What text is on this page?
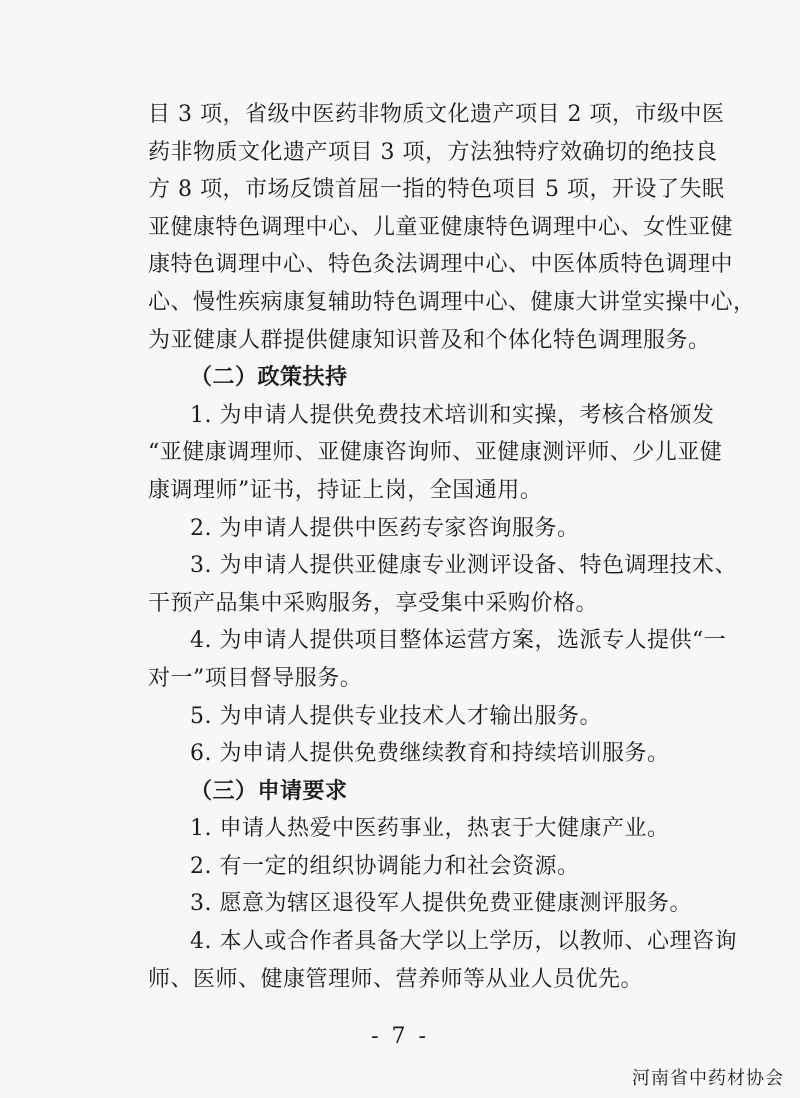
目 3 项，省级中医药非物质文化遗产项目 2 项，市级中医
药非物质文化遗产项目 3 项，方法独特疗效确切的绝技良
方 8 项，市场反馈首屈一指的特色项目 5 项，开设了失眠
亚健康特色调理中心、儿童亚健康特色调理中心、女性亚健
康特色调理中心、特色灸法调理中心、中医体质特色调理中
心、慢性疾病康复辅助特色调理中心、健康大讲堂实操中心，
为亚健康人群提供健康知识普及和个体化特色调理服务。
（二）政策扶持
1. 为申请人提供免费技术培训和实操，考核合格颁发
“亚健康调理师、亚健康咨询师、亚健康测评师、少儿亚健
康调理师”证书，持证上岗，全国通用。
2. 为申请人提供中医药专家咨询服务。
3. 为申请人提供亚健康专业测评设备、特色调理技术、
干预产品集中采购服务，享受集中采购价格。
4. 为申请人提供项目整体运营方案，选派专人提供“一
对一”项目督导服务。
5. 为申请人提供专业技术人才输出服务。
6. 为申请人提供免费继续教育和持续培训服务。
（三）申请要求
1. 申请人热爱中医药事业，热衷于大健康产业。
2. 有一定的组织协调能力和社会资源。
3. 愿意为辖区退役军人提供免费亚健康测评服务。
4. 本人或合作者具备大学以上学历，以教师、心理咨询
师、医师、健康管理师、营养师等从业人员优先。
- 7 -
河南省中药材协会
